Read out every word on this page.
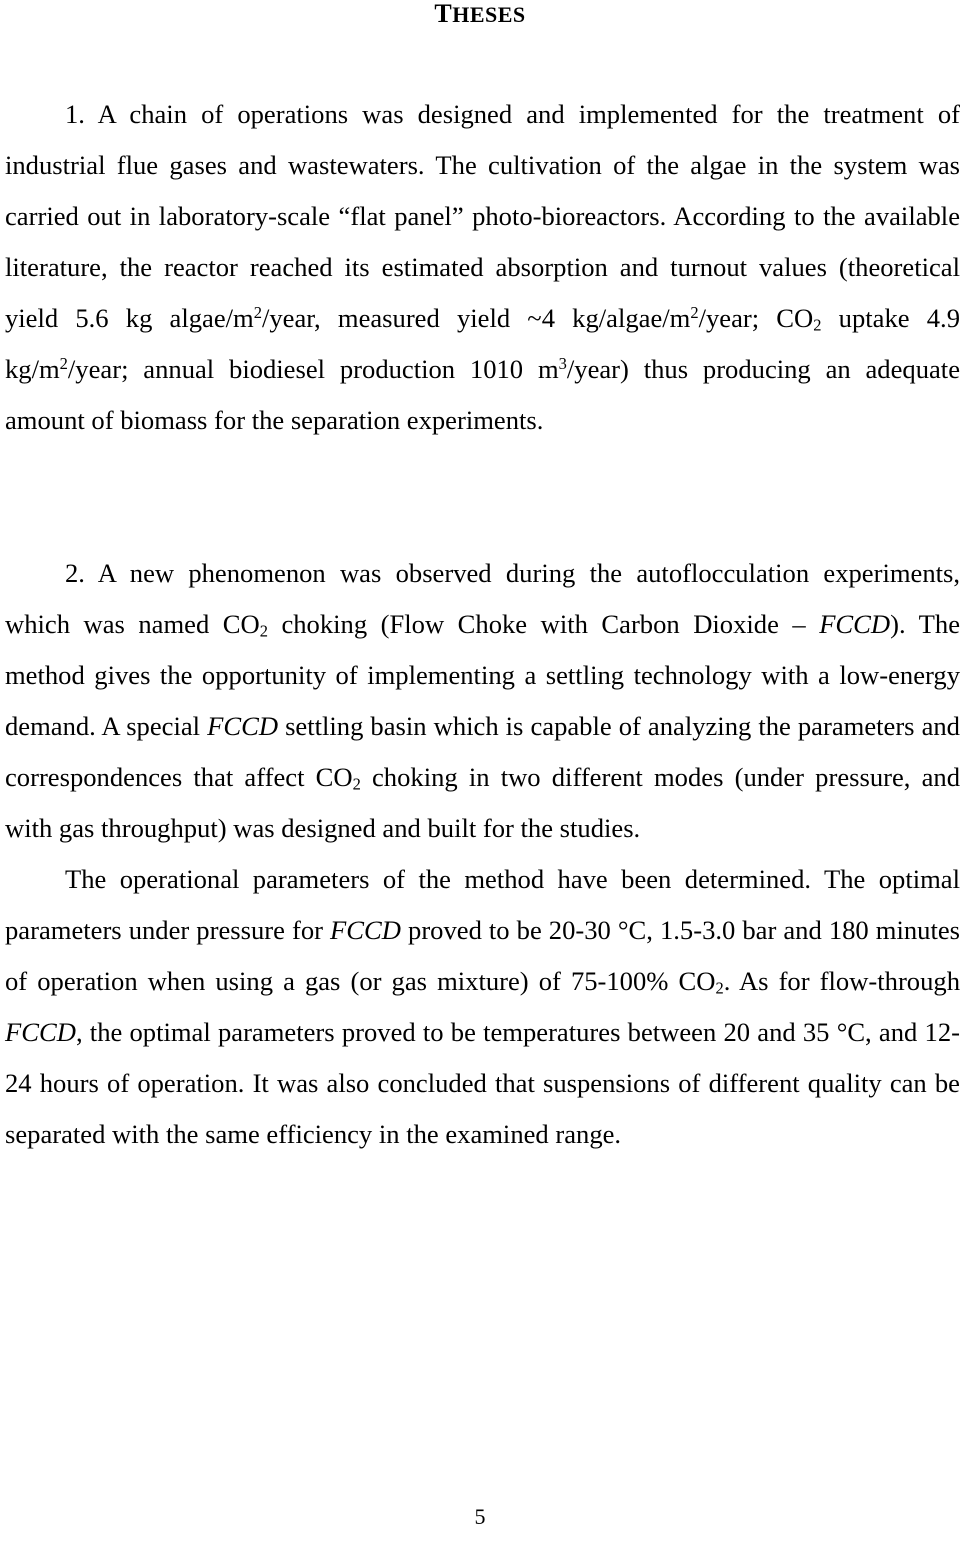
THESES

1. A chain of operations was designed and implemented for the treatment of industrial flue gases and wastewaters. The cultivation of the algae in the system was carried out in laboratory-scale “flat panel” photo-bioreactors. According to the available literature, the reactor reached its estimated absorption and turnout values (theoretical yield 5.6 kg algae/$m^2$/year, measured yield ~4 $kg/algae/m^2$/year; $CO_2$ uptake 4.9 $kg/m^2$/year; annual biodiesel production 1010 $m^3/year$) thus producing an adequate amount of biomass for the separation experiments.

2. A new phenomenon was observed during the autoflocculation experiments, which was named $CO_2$ choking (Flow Choke with Carbon Dioxide – FCCD). The method gives the opportunity of implementing a settling technology with a low-energy demand. A special FCCD settling basin which is capable of analyzing the parameters and correspondences that affect $CO_2$ choking in two different modes (under pressure, and with gas throughput) was designed and built for the studies.

The operational parameters of the method have been determined. The optimal parameters under pressure for FCCD proved to be 20-30 °C, 1.5-3.0 bar and 180 minutes of operation when using a gas (or gas mixture) of 75-100% $CO_2$. As for flow-through FCCD, the optimal parameters proved to be temperatures between 20 and 35 °C, and 12-24 hours of operation. It was also concluded that suspensions of different quality can be separated with the same efficiency in the examined range.

5
